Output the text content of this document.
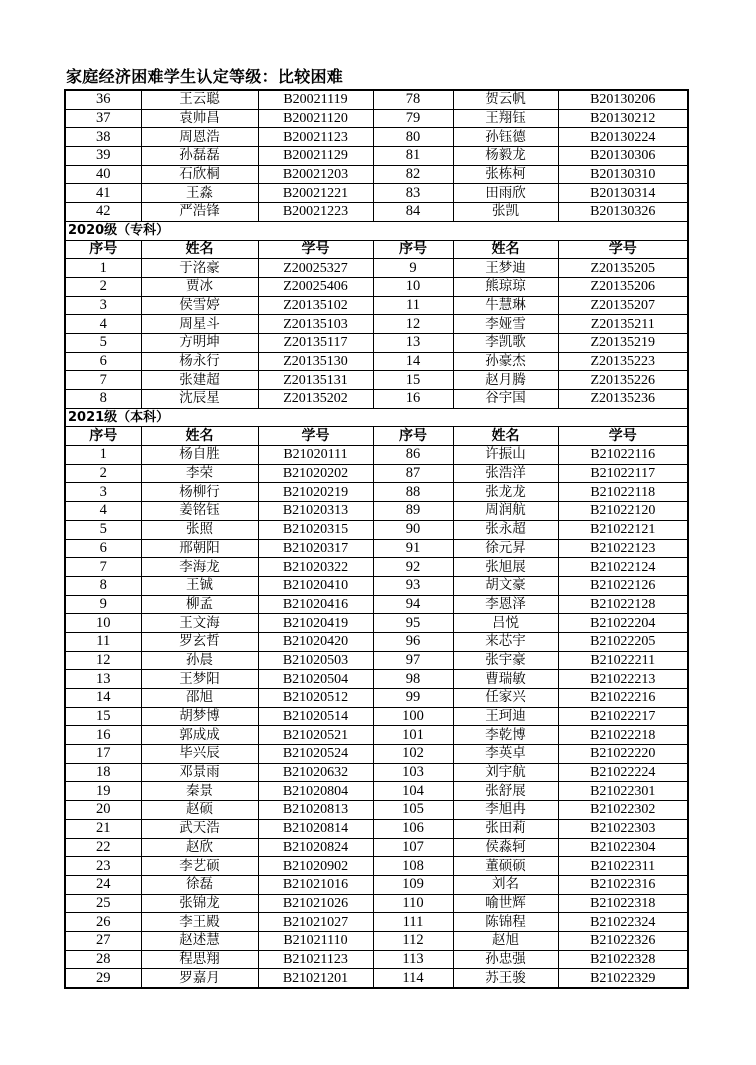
家庭经济困难学生认定等级：比较困难
36	王云聪	B20021119	78	贺云帆	B20130206
37	袁帅昌	B20021120	79	王翔钰	B20130212
38	周恩浩	B20021123	80	孙钰德	B20130224
39	孙磊磊	B20021129	81	杨毅龙	B20130306
40	石欣桐	B20021203	82	张栋柯	B20130310
41	王淼	B20021221	83	田雨欣	B20130314
42	严浩锋	B20021223	84	张凯	B20130326
2020级（专科）					
序号	姓名	学号	序号	姓名	学号
1	于洺豪	Z20025327	9	王梦迪	Z20135205
2	贾冰	Z20025406	10	熊琼琼	Z20135206
3	侯雪婷	Z20135102	11	牛慧琳	Z20135207
4	周星斗	Z20135103	12	李娅雪	Z20135211
5	方明坤	Z20135117	13	李凯歌	Z20135219
6	杨永行	Z20135130	14	孙豪杰	Z20135223
7	张建超	Z20135131	15	赵月腾	Z20135226
8	沈辰星	Z20135202	16	谷宇国	Z20135236
2021级（本科）					
序号	姓名	学号	序号	姓名	学号
1	杨自胜	B21020111	86	许振山	B21022116
2	李荣	B21020202	87	张浩洋	B21022117
3	杨柳行	B21020219	88	张龙龙	B21022118
4	姜铭钰	B21020313	89	周润航	B21022120
5	张照	B21020315	90	张永超	B21022121
6	邢朝阳	B21020317	91	徐元昇	B21022123
7	李海龙	B21020322	92	张旭展	B21022124
8	王铖	B21020410	93	胡文豪	B21022126
9	柳孟	B21020416	94	李恩泽	B21022128
10	王文海	B21020419	95	吕悦	B21022204
11	罗玄哲	B21020420	96	来芯宇	B21022205
12	孙晨	B21020503	97	张宇豪	B21022211
13	王梦阳	B21020504	98	曹瑞敏	B21022213
14	邵旭	B21020512	99	任家兴	B21022216
15	胡梦博	B21020514	100	王珂迪	B21022217
16	郭成成	B21020521	101	李乾博	B21022218
17	毕兴辰	B21020524	102	李英卓	B21022220
18	邓景雨	B21020632	103	刘宇航	B21022224
19	秦景	B21020804	104	张舒展	B21022301
20	赵硕	B21020813	105	李旭冉	B21022302
21	武天浩	B21020814	106	张田莉	B21022303
22	赵欣	B21020824	107	侯淼轲	B21022304
23	李艺硕	B21020902	108	董硕硕	B21022311
24	徐磊	B21021016	109	刘名	B21022316
25	张锦龙	B21021026	110	喻世辉	B21022318
26	李王殿	B21021027	111	陈锦程	B21022324
27	赵述慧	B21021110	112	赵旭	B21022326
28	程思翔	B21021123	113	孙忠强	B21022328
29	罗嘉月	B21021201	114	苏王骏	B21022329
